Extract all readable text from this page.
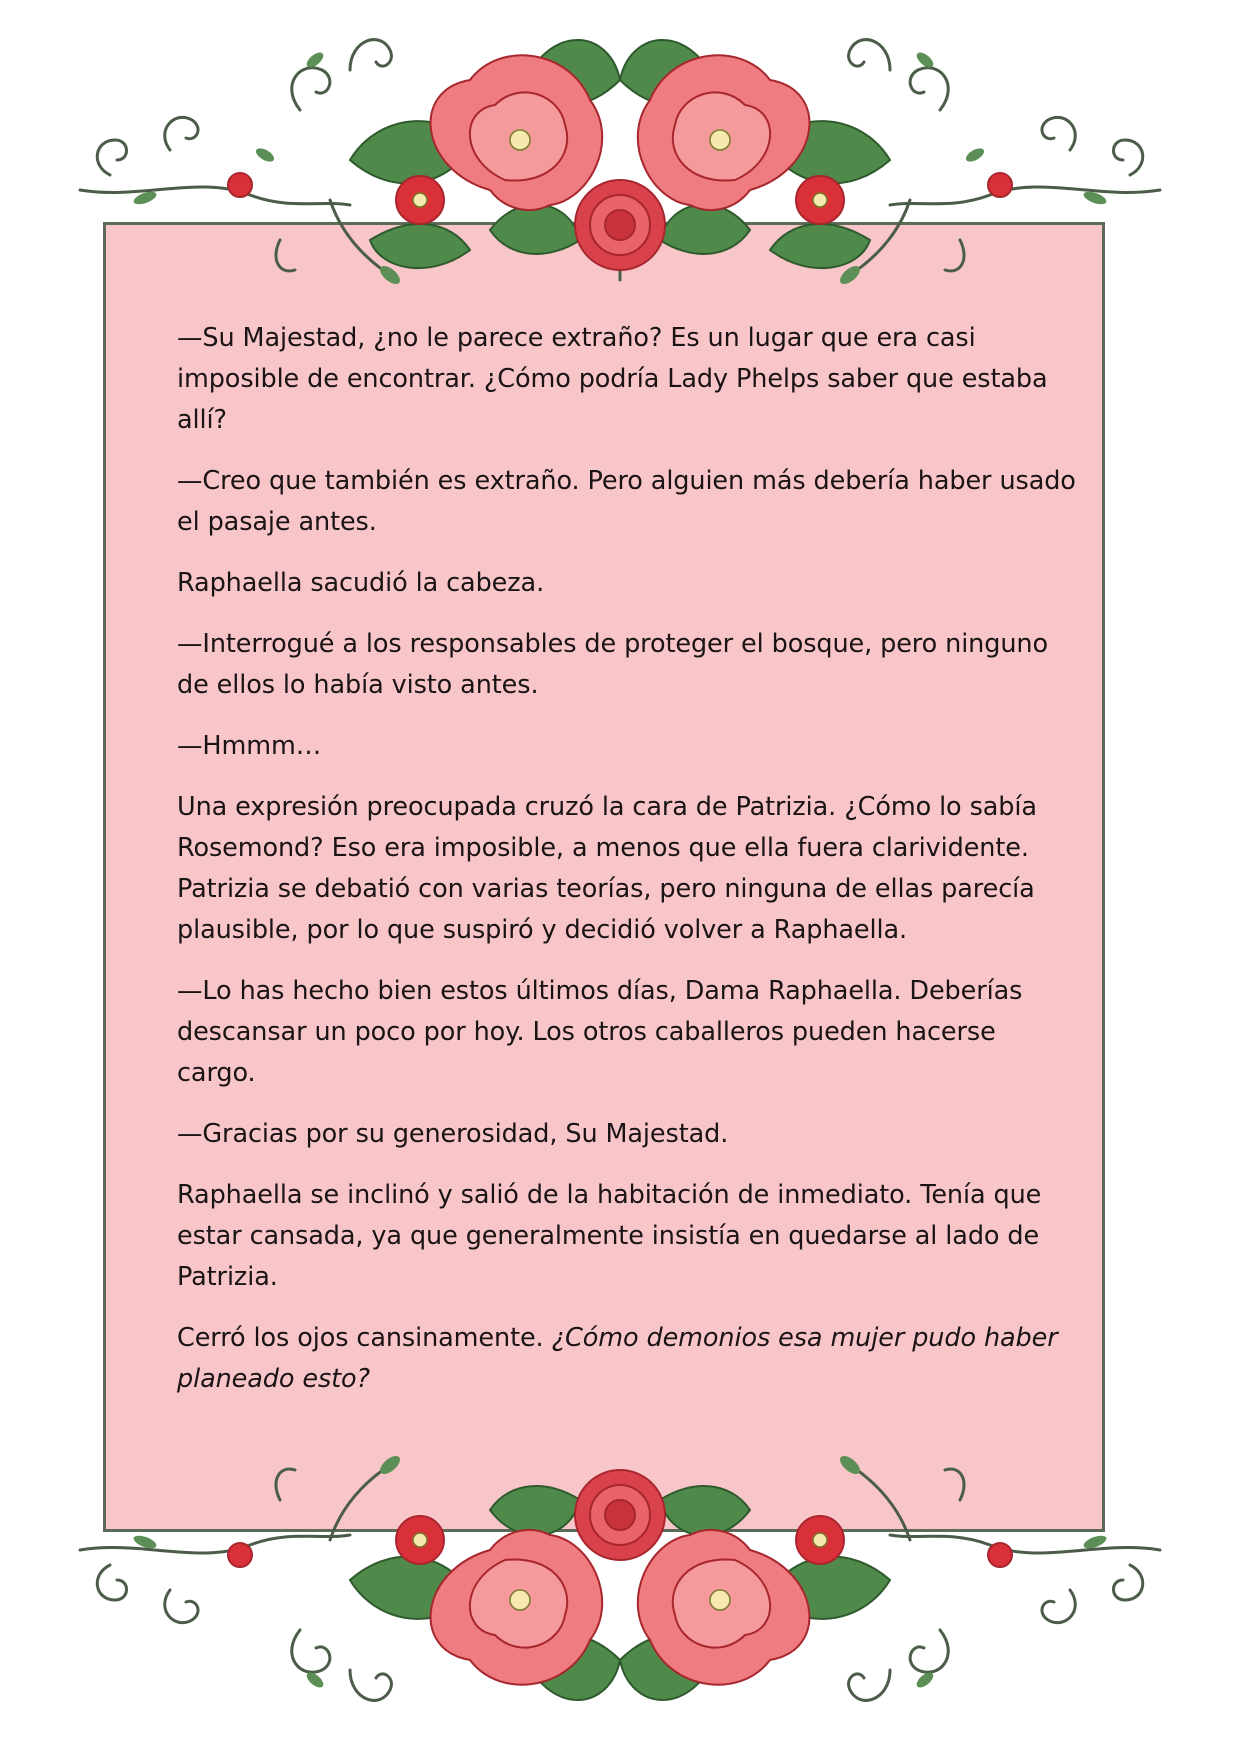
—Su Majestad, ¿no le parece extraño? Es un lugar que era casi imposible de encontrar. ¿Cómo podría Lady Phelps saber que estaba allí?

—Creo que también es extraño. Pero alguien más debería haber usado el pasaje antes.

Raphaella sacudió la cabeza.

—Interrogué a los responsables de proteger el bosque, pero ninguno de ellos lo había visto antes.

—Hmmm…

Una expresión preocupada cruzó la cara de Patrizia. ¿Cómo lo sabía Rosemond? Eso era imposible, a menos que ella fuera clarividente. Patrizia se debatió con varias teorías, pero ninguna de ellas parecía plausible, por lo que suspiró y decidió volver a Raphaella.

—Lo has hecho bien estos últimos días, Dama Raphaella. Deberías descansar un poco por hoy. Los otros caballeros pueden hacerse cargo.

—Gracias por su generosidad, Su Majestad.

Raphaella se inclinó y salió de la habitación de inmediato. Tenía que estar cansada, ya que generalmente insistía en quedarse al lado de Patrizia.

Cerró los ojos cansinamente. ¿Cómo demonios esa mujer pudo haber planeado esto?
